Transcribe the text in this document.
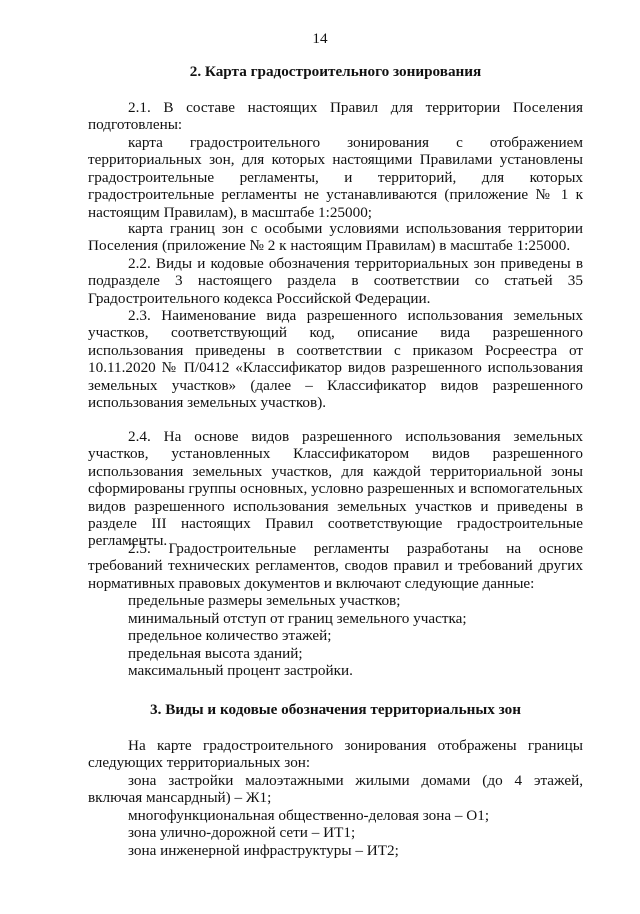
14
2. Карта градостроительного зонирования

2.1. В составе настоящих Правил для территории Поселения подготовлены:

карта градостроительного зонирования с отображением территориальных зон, для которых настоящими Правилами установлены градостроительные регламенты, и территорий, для которых градостроительные регламенты не устанавливаются (приложение № 1 к настоящим Правилам), в масштабе 1:25000;

карта границ зон с особыми условиями использования территории Поселения (приложение № 2 к настоящим Правилам) в масштабе 1:25000.

2.2. Виды и кодовые обозначения территориальных зон приведены в подразделе 3 настоящего раздела в соответствии со статьей 35 Градостроительного кодекса Российской Федерации.

2.3. Наименование вида разрешенного использования земельных участков, соответствующий код, описание вида разрешенного использования приведены в соответствии с приказом Росреестра от 10.11.2020 № П/0412 «Классификатор видов разрешенного использования земельных участков» (далее – Классификатор видов разрешенного использования земельных участков).

2.4. На основе видов разрешенного использования земельных участков, установленных Классификатором видов разрешенного использования земельных участков, для каждой территориальной зоны сформированы группы основных, условно разрешенных и вспомогательных видов разрешенного использования земельных участков и приведены в разделе III настоящих Правил соответствующие градостроительные регламенты.

2.5. Градостроительные регламенты разработаны на основе требований технических регламентов, сводов правил и требований других нормативных правовых документов и включают следующие данные:

предельные размеры земельных участков;

минимальный отступ от границ земельного участка;

предельное количество этажей;

предельная высота зданий;

максимальный процент застройки.

3. Виды и кодовые обозначения территориальных зон

На карте градостроительного зонирования отображены границы следующих территориальных зон:

зона застройки малоэтажными жилыми домами (до 4 этажей, включая мансардный) – Ж1;

многофункциональная общественно-деловая зона – О1;

зона улично-дорожной сети – ИТ1;

зона инженерной инфраструктуры – ИТ2;
